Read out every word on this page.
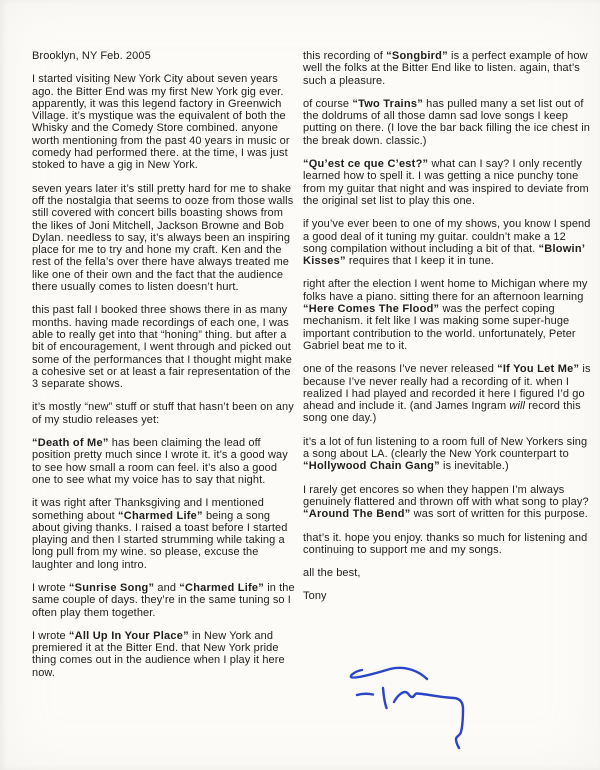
Brooklyn, NY Feb. 2005

I started visiting New York City about seven years ago. the Bitter End was my first New York gig ever. apparently, it was this legend factory in Greenwich Village. it’s mystique was the equivalent of both the Whisky and the Comedy Store combined. anyone worth mentioning from the past 40 years in music or comedy had performed there. at the time, I was just stoked to have a gig in New York.

seven years later it’s still pretty hard for me to shake off the nostalgia that seems to ooze from those walls still covered with concert bills boasting shows from the likes of Joni Mitchell, Jackson Browne and Bob Dylan. needless to say, it’s always been an inspiring place for me to try and hone my craft. Ken and the rest of the fella’s over there have always treated me like one of their own and the fact that the audience there usually comes to listen doesn’t hurt.

this past fall I booked three shows there in as many months. having made recordings of each one, I was able to really get into that “honing” thing. but after a bit of encouragement, I went through and picked out some of the performances that I thought might make a cohesive set or at least a fair representation of the 3 separate shows.

it’s mostly “new” stuff or stuff that hasn’t been on any of my studio releases yet:

“Death of Me” has been claiming the lead off position pretty much since I wrote it. it’s a good way to see how small a room can feel. it’s also a good one to see what my voice has to say that night.

it was right after Thanksgiving and I mentioned something about “Charmed Life” being a song about giving thanks. I raised a toast before I started playing and then I started strumming while taking a long pull from my wine. so please, excuse the laughter and long intro.

I wrote “Sunrise Song” and “Charmed Life” in the same couple of days. they’re in the same tuning so I often play them together.

I wrote “All Up In Your Place” in New York and premiered it at the Bitter End. that New York pride thing comes out in the audience when I play it here now.

this recording of “Songbird” is a perfect example of how well the folks at the Bitter End like to listen. again, that’s such a pleasure.

of course “Two Trains” has pulled many a set list out of the doldrums of all those damn sad love songs I keep putting on there. (I love the bar back filling the ice chest in the break down. classic.)

“Qu’est ce que C’est?” what can I say? I only recently learned how to spell it. I was getting a nice punchy tone from my guitar that night and was inspired to deviate from the original set list to play this one.

if you’ve ever been to one of my shows, you know I spend a good deal of it tuning my guitar. couldn’t make a 12 song compilation without including a bit of that. “Blowin’ Kisses” requires that I keep it in tune.

right after the election I went home to Michigan where my folks have a piano. sitting there for an afternoon learning “Here Comes The Flood” was the perfect coping mechanism. it felt like I was making some super-huge important contribution to the world. unfortunately, Peter Gabriel beat me to it.

one of the reasons I’ve never released “If You Let Me” is because I’ve never really had a recording of it. when I realized I had played and recorded it here I figured I’d go ahead and include it. (and James Ingram will record this song one day.)

it’s a lot of fun listening to a room full of New Yorkers sing a song about LA. (clearly the New York counterpart to “Hollywood Chain Gang” is inevitable.)

I rarely get encores so when they happen I’m always genuinely flattered and thrown off with what song to play? “Around The Bend” was sort of written for this purpose.

that’s it. hope you enjoy. thanks so much for listening and continuing to support me and my songs.

all the best,

Tony
